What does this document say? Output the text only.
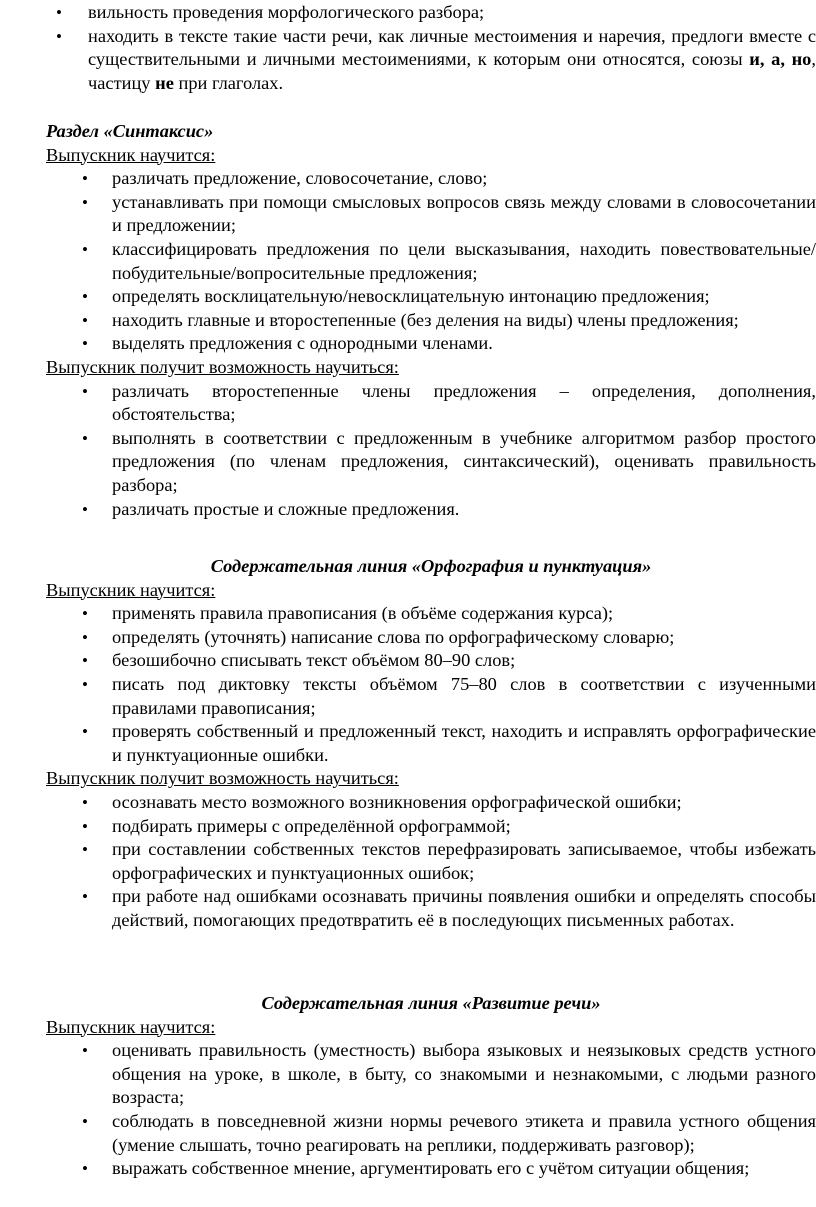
• вильность проведения морфологического разбора;
• находить в тексте такие части речи, как личные местоимения и наречия, предлоги вместе с существительными и личными местоимениями, к которым они относятся, союзы и, а, но, частицу не при глаголах.
Раздел «Синтаксис»
Выпускник научится:
• различать предложение, словосочетание, слово;
• устанавливать при помощи смысловых вопросов связь между словами в словосочетании и предложении;
• классифицировать предложения по цели высказывания, находить повествовательные/побудительные/вопросительные предложения;
• определять восклицательную/невосклицательную интонацию предложения;
• находить главные и второстепенные (без деления на виды) члены предложения;
• выделять предложения с однородными членами.
Выпускник получит возможность научиться:
• различать второстепенные члены предложения – определения, дополнения, обстоятельства;
• выполнять в соответствии с предложенным в учебнике алгоритмом разбор простого предложения (по членам предложения, синтаксический), оценивать правильность разбора;
• различать простые и сложные предложения.
Содержательная линия «Орфография и пунктуация»
Выпускник научится:
• применять правила правописания (в объёме содержания курса);
• определять (уточнять) написание слова по орфографическому словарю;
• безошибочно списывать текст объёмом 80–90 слов;
• писать под диктовку тексты объёмом 75–80 слов в соответствии с изученными правилами правописания;
• проверять собственный и предложенный текст, находить и исправлять орфографические и пунктуационные ошибки.
Выпускник получит возможность научиться:
• осознавать место возможного возникновения орфографической ошибки;
• подбирать примеры с определённой орфограммой;
• при составлении собственных текстов перефразировать записываемое, чтобы избежать орфографических и пунктуационных ошибок;
• при работе над ошибками осознавать причины появления ошибки и определять способы действий, помогающих предотвратить её в последующих письменных работах.
Содержательная линия «Развитие речи»
Выпускник научится:
• оценивать правильность (уместность) выбора языковых и неязыковых средств устного общения на уроке, в школе, в быту, со знакомыми и незнакомыми, с людьми разного возраста;
• соблюдать в повседневной жизни нормы речевого этикета и правила устного общения (умение слышать, точно реагировать на реплики, поддерживать разговор);
• выражать собственное мнение, аргументировать его с учётом ситуации общения;
